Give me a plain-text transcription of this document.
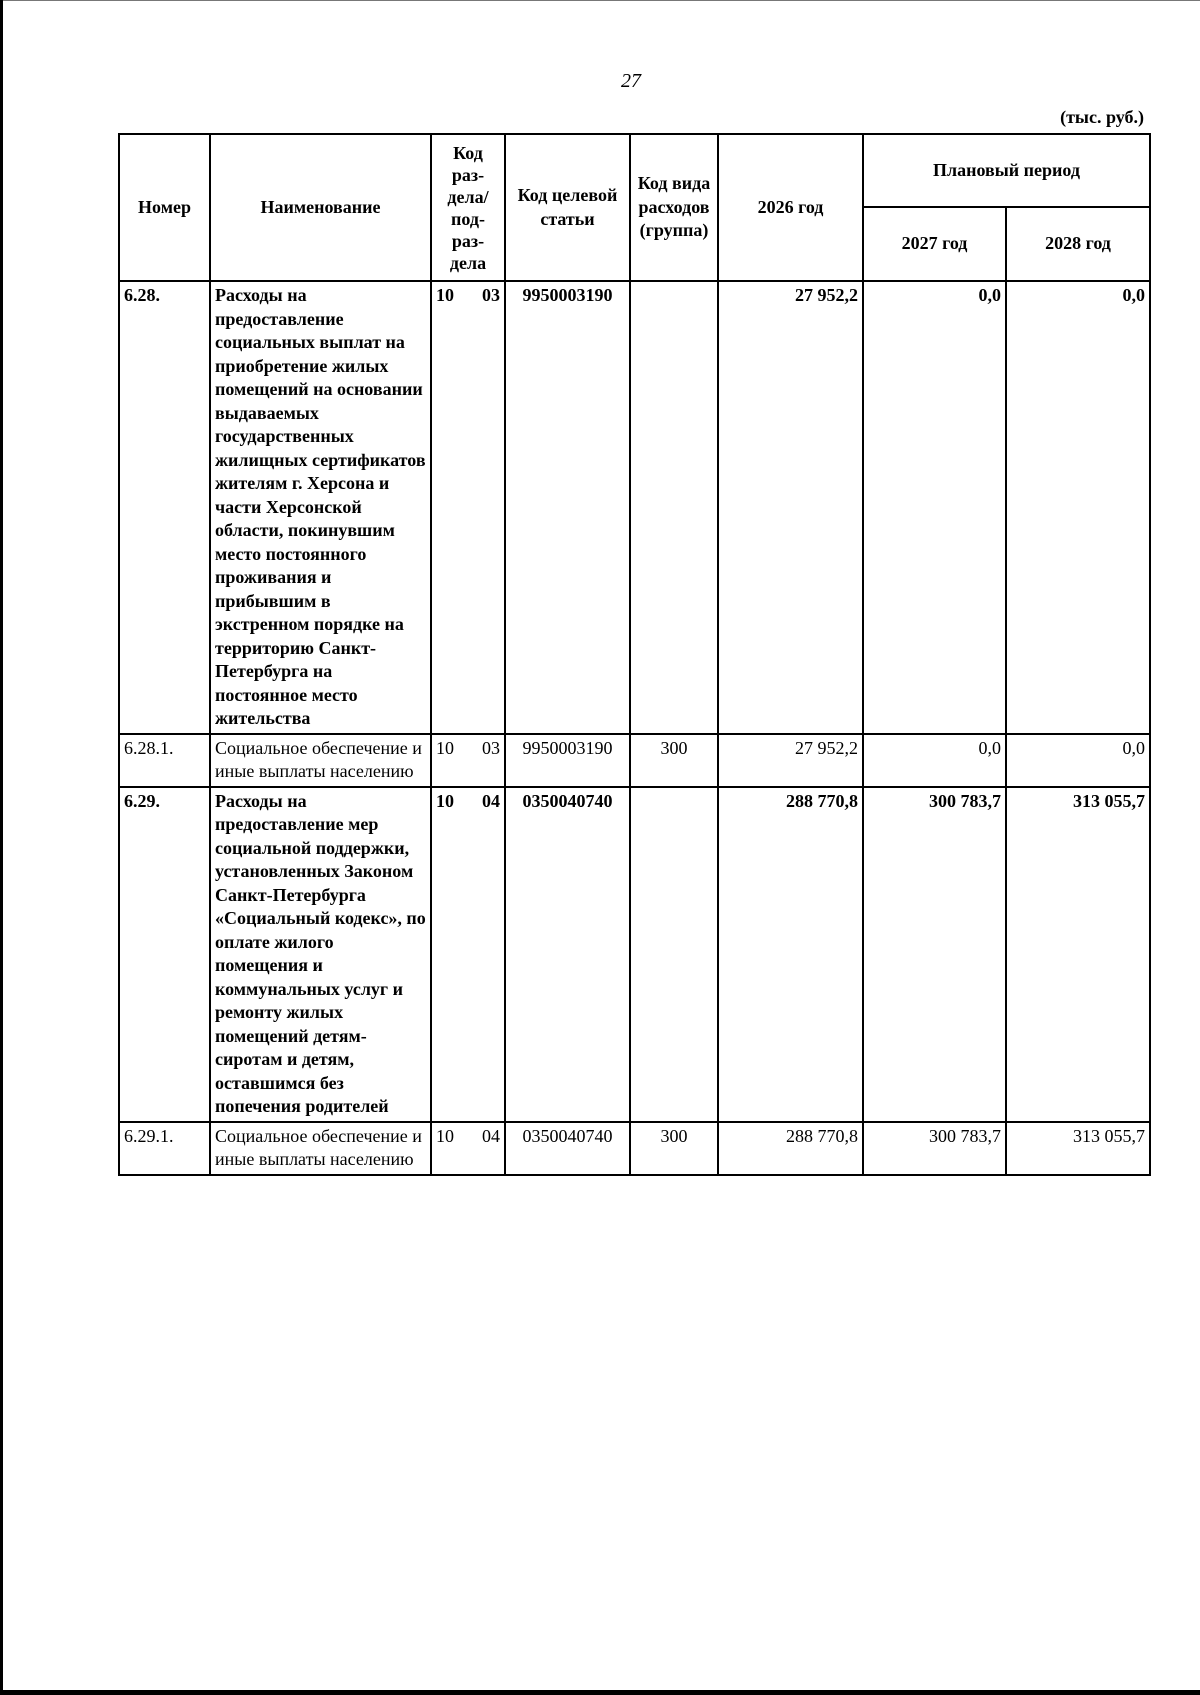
27
(тыс. руб.)
Номер	Наименование	Код раз-дела/ под-раз-дела	Код целевой статьи	Код вида расходов (группа)	2026 год	Плановый период	
						2027 год	2028 год
6.28.	Расходы на предоставление социальных выплат на приобретение жилых помещений на основании выдаваемых государственных жилищных сертификатов жителям г. Херсона и части Херсонской области, покинувшим место постоянного проживания и прибывшим в экстренном порядке на территорию Санкт-Петербурга на постоянное место жительства	10 03	9950003190		27 952,2	0,0	0,0
6.28.1.	Социальное обеспечение и иные выплаты населению	10 03	9950003190	300	27 952,2	0,0	0,0
6.29.	Расходы на предоставление мер социальной поддержки, установленных Законом Санкт-Петербурга «Социальный кодекс», по оплате жилого помещения и коммунальных услуг и ремонту жилых помещений детям-сиротам и детям, оставшимся без попечения родителей	10 04	0350040740		288 770,8	300 783,7	313 055,7
6.29.1.	Социальное обеспечение и иные выплаты населению	10 04	0350040740	300	288 770,8	300 783,7	313 055,7
